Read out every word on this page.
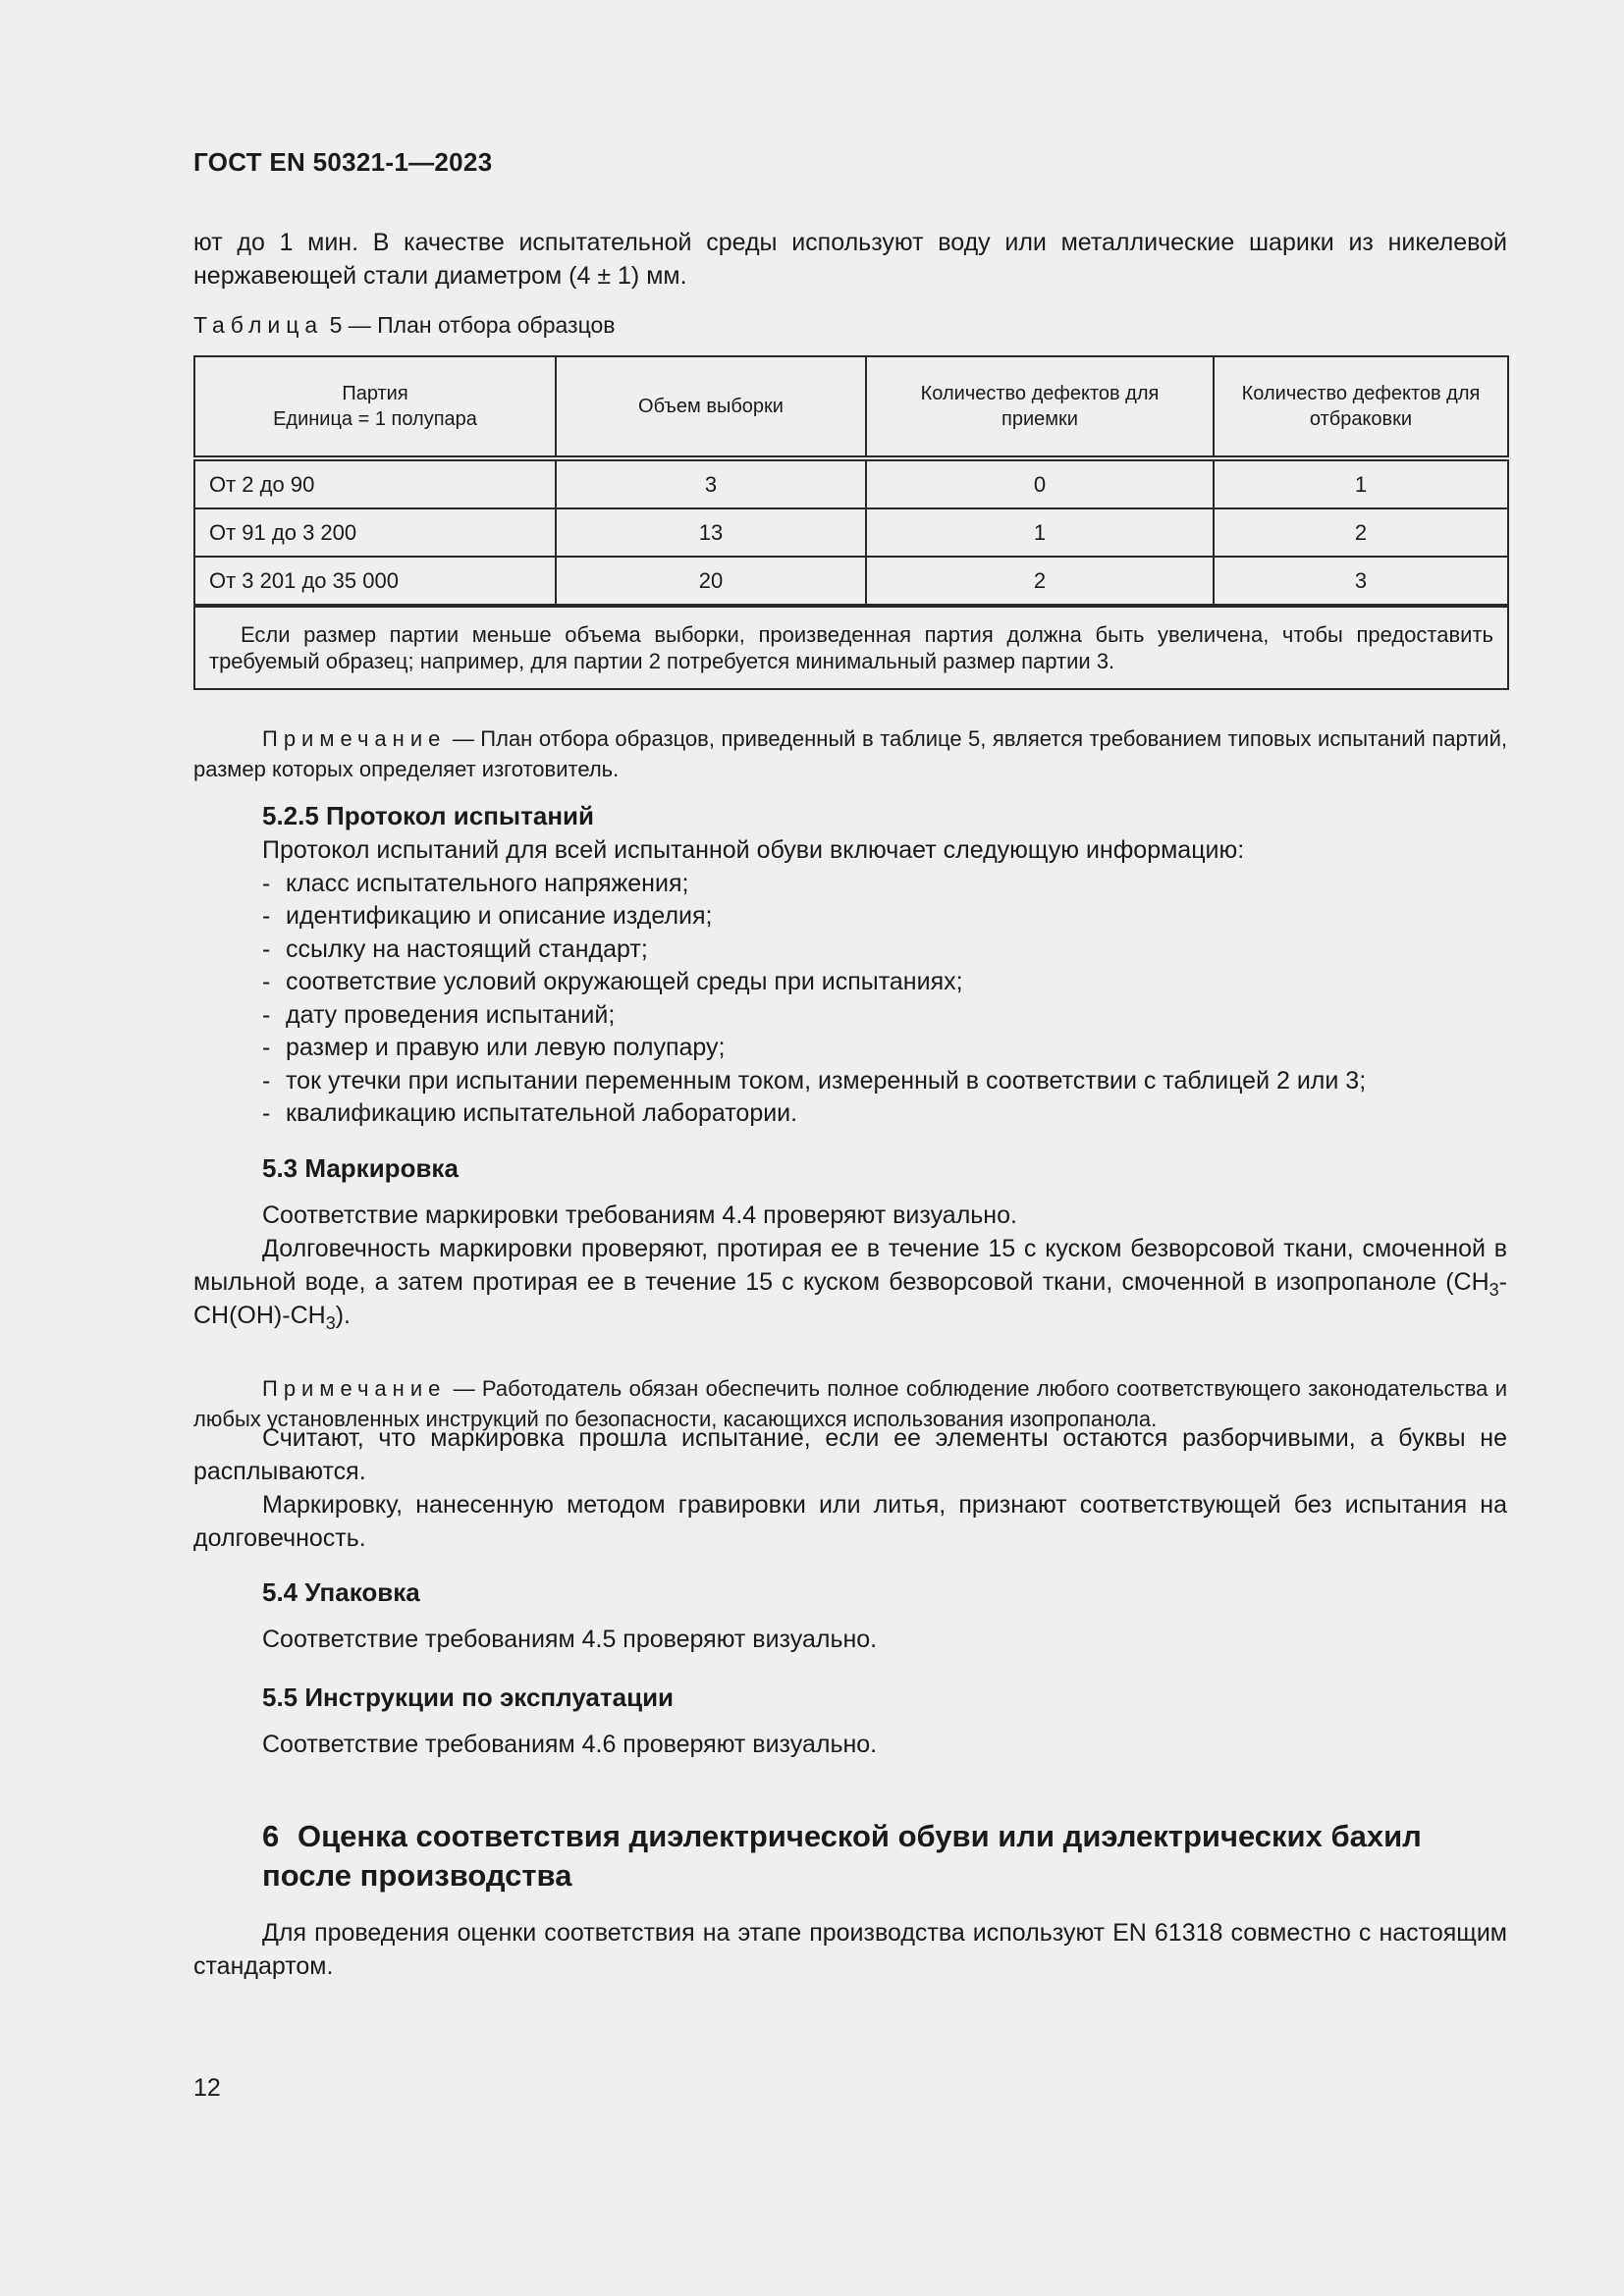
ГОСТ EN 50321-1—2023

ют до 1 мин. В качестве испытательной среды используют воду или металлические шарики из никелевой нержавеющей стали диаметром (4 ± 1) мм.

Таблица 5 — План отбора образцов
Партия
Единица = 1 полупара	Объем выборки	Количество дефектов для приемки	Количество дефектов для отбраковки
От 2 до 90	3	0	1
От 91 до 3 200	13	1	2
От 3 201 до 35 000	20	2	3
Если размер партии меньше объема выборки, произведенная партия должна быть увеличена, чтобы предоставить требуемый образец; например, для партии 2 потребуется минимальный размер партии 3.			

Примечание — План отбора образцов, приведенный в таблице 5, является требованием типовых испытаний партий, размер которых определяет изготовитель.

5.2.5 Протокол испытаний

Протокол испытаний для всей испытанной обуви включает следующую информацию:

- класс испытательного напряжения;
- идентификацию и описание изделия;
- ссылку на настоящий стандарт;
- соответствие условий окружающей среды при испытаниях;
- дату проведения испытаний;
- размер и правую или левую полупару;
- ток утечки при испытании переменным током, измеренный в соответствии с таблицей 2 или 3;
- квалификацию испытательной лаборатории.
5.3 Маркировка

Соответствие маркировки требованиям 4.4 проверяют визуально.

Долговечность маркировки проверяют, протирая ее в течение 15 с куском безворсовой ткани, смоченной в мыльной воде, а затем протирая ее в течение 15 с куском безворсовой ткани, смоченной в изопропаноле $(CH_3-CH(OH)-CH_3)$.

Примечание — Работодатель обязан обеспечить полное соблюдение любого соответствующего законодательства и любых установленных инструкций по безопасности, касающихся использования изопропанола.

Считают, что маркировка прошла испытание, если ее элементы остаются разборчивыми, а буквы не расплываются.

Маркировку, нанесенную методом гравировки или литья, признают соответствующей без испытания на долговечность.

5.4 Упаковка

Соответствие требованиям 4.5 проверяют визуально.

5.5 Инструкции по эксплуатации

Соответствие требованиям 4.6 проверяют визуально.

6 Оценка соответствия диэлектрической обуви или диэлектрических бахил
после производства

Для проведения оценки соответствия на этапе производства используют EN 61318 совместно с настоящим стандартом.

12
